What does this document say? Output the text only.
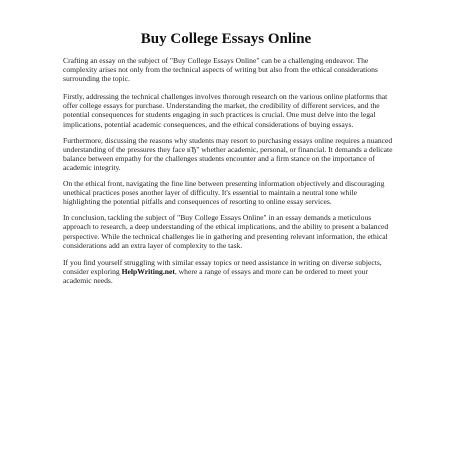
Buy College Essays Online

Crafting an essay on the subject of "Buy College Essays Online" can be a challenging endeavor. The complexity arises not only from the technical aspects of writing but also from the ethical considerations surrounding the topic.

Firstly, addressing the technical challenges involves thorough research on the various online platforms that offer college essays for purchase. Understanding the market, the credibility of different services, and the potential consequences for students engaging in such practices is crucial. One must delve into the legal implications, potential academic consequences, and the ethical considerations of buying essays.

Furthermore, discussing the reasons why students may resort to purchasing essays online requires a nuanced understanding of the pressures they face вЂ" whether academic, personal, or financial. It demands a delicate balance between empathy for the challenges students encounter and a firm stance on the importance of academic integrity.

On the ethical front, navigating the fine line between presenting information objectively and discouraging unethical practices poses another layer of difficulty. It's essential to maintain a neutral tone while highlighting the potential pitfalls and consequences of resorting to online essay services.

In conclusion, tackling the subject of "Buy College Essays Online" in an essay demands a meticulous approach to research, a deep understanding of the ethical implications, and the ability to present a balanced perspective. While the technical challenges lie in gathering and presenting relevant information, the ethical considerations add an extra layer of complexity to the task.

If you find yourself struggling with similar essay topics or need assistance in writing on diverse subjects, consider exploring HelpWriting.net, where a range of essays and more can be ordered to meet your academic needs.
